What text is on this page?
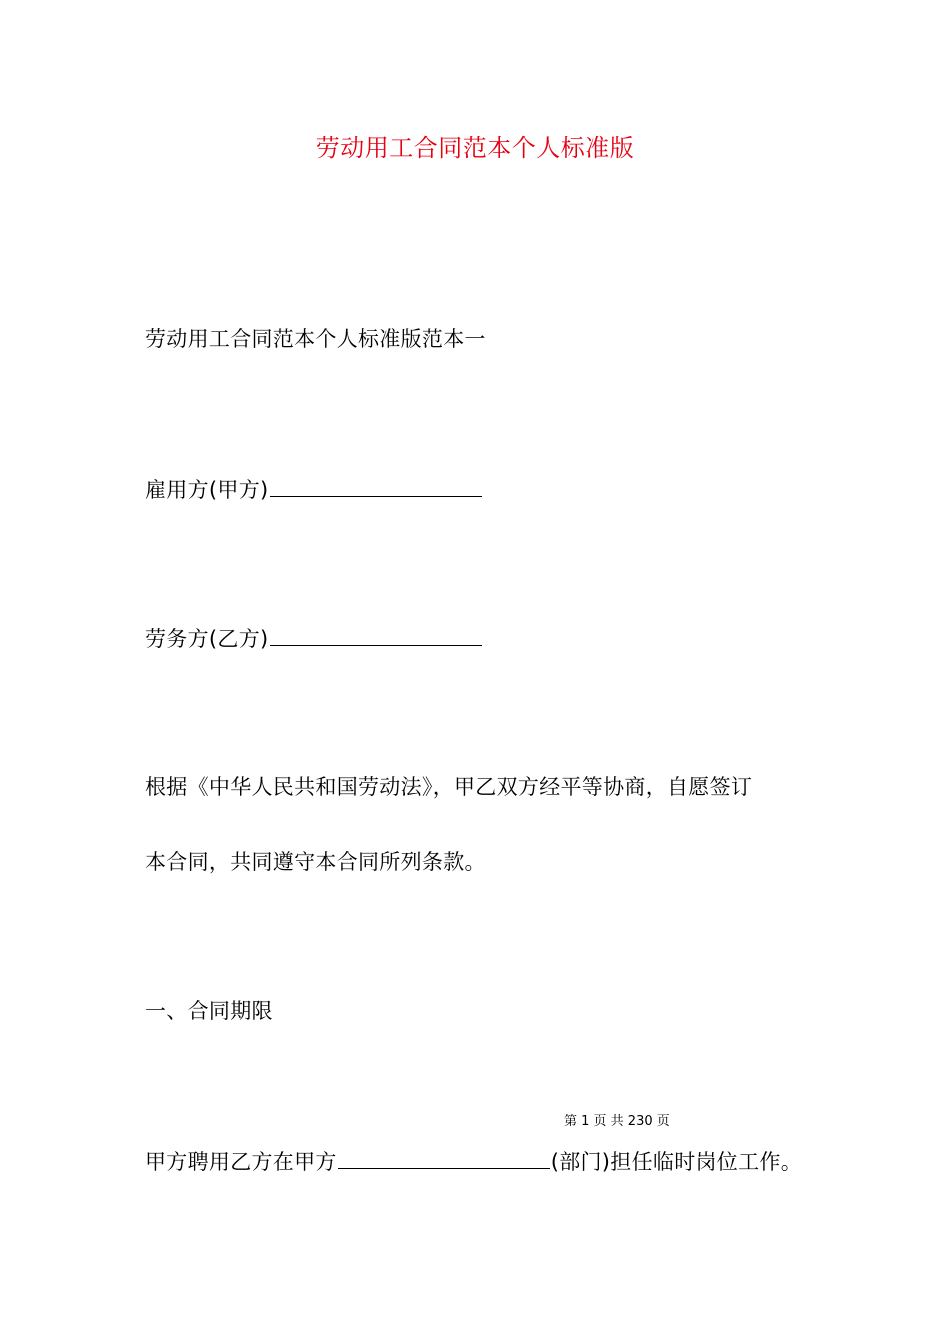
劳动用工合同范本个人标准版
劳动用工合同范本个人标准版范本一
雇用方(甲方)
劳务方(乙方)
根据《中华人民共和国劳动法》，甲乙双方经平等协商，自愿签订
本合同，共同遵守本合同所列条款。
一、合同期限
第 1 页 共 230 页
甲方聘用乙方在甲方	(部门)担任临时岗位工作。
